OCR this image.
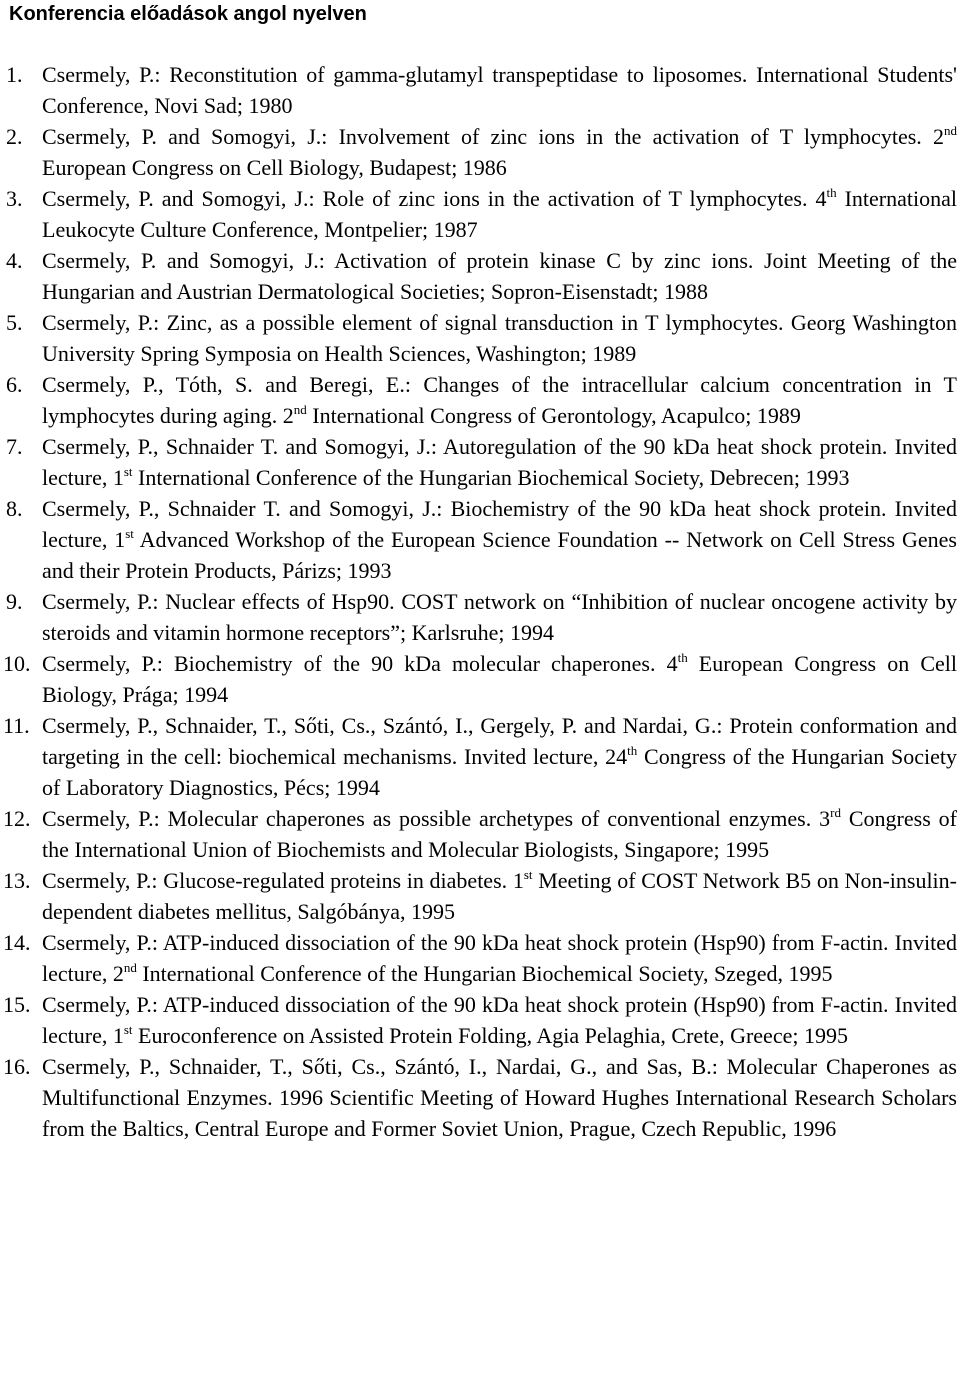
Konferencia előadások angol nyelven
1. Csermely, P.: Reconstitution of gamma-glutamyl transpeptidase to liposomes. International Students' Conference, Novi Sad; 1980
2. Csermely, P. and Somogyi, J.: Involvement of zinc ions in the activation of T lymphocytes. 2nd European Congress on Cell Biology, Budapest; 1986
3. Csermely, P. and Somogyi, J.: Role of zinc ions in the activation of T lymphocytes. 4th International Leukocyte Culture Conference, Montpelier; 1987
4. Csermely, P. and Somogyi, J.: Activation of protein kinase C by zinc ions. Joint Meeting of the Hungarian and Austrian Dermatological Societies; Sopron-Eisenstadt; 1988
5. Csermely, P.: Zinc, as a possible element of signal transduction in T lymphocytes. Georg Washington University Spring Symposia on Health Sciences, Washington; 1989
6. Csermely, P., Tóth, S. and Beregi, E.: Changes of the intracellular calcium concentration in T lymphocytes during aging. 2nd International Congress of Gerontology, Acapulco; 1989
7. Csermely, P., Schnaider T. and Somogyi, J.: Autoregulation of the 90 kDa heat shock protein. Invited lecture, 1st International Conference of the Hungarian Biochemical Society, Debrecen; 1993
8. Csermely, P., Schnaider T. and Somogyi, J.: Biochemistry of the 90 kDa heat shock protein. Invited lecture, 1st Advanced Workshop of the European Science Foundation -- Network on Cell Stress Genes and their Protein Products, Párizs; 1993
9. Csermely, P.: Nuclear effects of Hsp90. COST network on “Inhibition of nuclear oncogene activity by steroids and vitamin hormone receptors”; Karlsruhe; 1994
10. Csermely, P.: Biochemistry of the 90 kDa molecular chaperones. 4th European Congress on Cell Biology, Prága; 1994
11. Csermely, P., Schnaider, T., Sőti, Cs., Szántó, I., Gergely, P. and Nardai, G.: Protein conformation and targeting in the cell: biochemical mechanisms. Invited lecture, 24th Congress of the Hungarian Society of Laboratory Diagnostics, Pécs; 1994
12. Csermely, P.: Molecular chaperones as possible archetypes of conventional enzymes. 3rd Congress of the International Union of Biochemists and Molecular Biologists, Singapore; 1995
13. Csermely, P.: Glucose-regulated proteins in diabetes. 1st Meeting of COST Network B5 on Non-insulin-dependent diabetes mellitus, Salgóbánya, 1995
14. Csermely, P.: ATP-induced dissociation of the 90 kDa heat shock protein (Hsp90) from F-actin. Invited lecture, 2nd International Conference of the Hungarian Biochemical Society, Szeged, 1995
15. Csermely, P.: ATP-induced dissociation of the 90 kDa heat shock protein (Hsp90) from F-actin. Invited lecture, 1st Euroconference on Assisted Protein Folding, Agia Pelaghia, Crete, Greece; 1995
16. Csermely, P., Schnaider, T., Sőti, Cs., Szántó, I., Nardai, G., and Sas, B.: Molecular Chaperones as Multifunctional Enzymes. 1996 Scientific Meeting of Howard Hughes International Research Scholars from the Baltics, Central Europe and Former Soviet Union, Prague, Czech Republic, 1996
